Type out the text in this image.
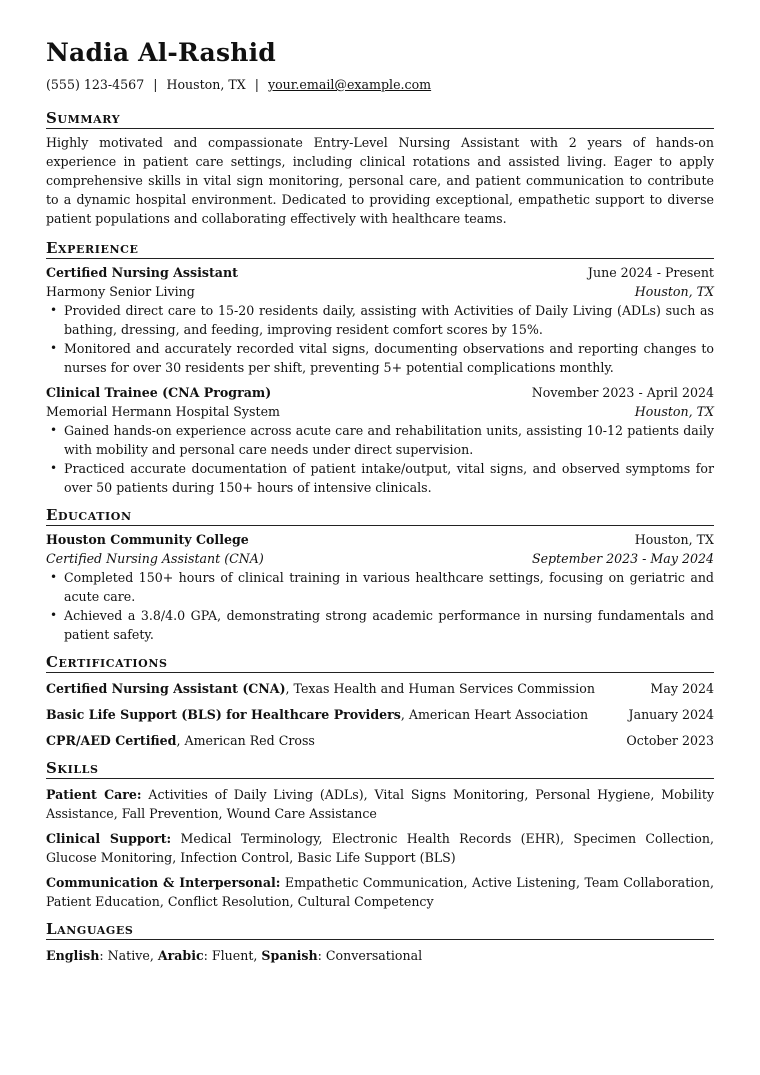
Nadia Al-Rashid
(555) 123-4567 | Houston, TX | your.email@example.com
Summary

Highly motivated and compassionate Entry-Level Nursing Assistant with 2 years of hands-on experience in patient care settings, including clinical rotations and assisted living. Eager to apply comprehensive skills in vital sign monitoring, personal care, and patient communication to contribute to a dynamic hospital environment. Dedicated to providing exceptional, empathetic support to diverse patient populations and collaborating effectively with healthcare teams.

Experience
Certified Nursing Assistant	June 2024 - Present
Harmony Senior Living	Houston, TX
• Provided direct care to 15-20 residents daily, assisting with Activities of Daily Living (ADLs) such as bathing, dressing, and feeding, improving resident comfort scores by 15%.
• Monitored and accurately recorded vital signs, documenting observations and reporting changes to nurses for over 30 residents per shift, preventing 5+ potential complications monthly.
Clinical Trainee (CNA Program)	November 2023 - April 2024
Memorial Hermann Hospital System	Houston, TX
• Gained hands-on experience across acute care and rehabilitation units, assisting 10-12 patients daily with mobility and personal care needs under direct supervision.
• Practiced accurate documentation of patient intake/output, vital signs, and observed symptoms for over 50 patients during 150+ hours of intensive clinicals.
Education
Houston Community College	Houston, TX
Certified Nursing Assistant (CNA)	September 2023 - May 2024
• Completed 150+ hours of clinical training in various healthcare settings, focusing on geriatric and acute care.
• Achieved a 3.8/4.0 GPA, demonstrating strong academic performance in nursing fundamentals and patient safety.
Certifications
Certified Nursing Assistant (CNA), Texas Health and Human Services Commission	May 2024
Basic Life Support (BLS) for Healthcare Providers, American Heart Association	January 2024
CPR/AED Certified, American Red Cross	October 2023
Skills

Patient Care: Activities of Daily Living (ADLs), Vital Signs Monitoring, Personal Hygiene, Mobility Assistance, Fall Prevention, Wound Care Assistance

Clinical Support: Medical Terminology, Electronic Health Records (EHR), Specimen Collection, Glucose Monitoring, Infection Control, Basic Life Support (BLS)

Communication & Interpersonal: Empathetic Communication, Active Listening, Team Collaboration, Patient Education, Conflict Resolution, Cultural Competency

Languages

English: Native, Arabic: Fluent, Spanish: Conversational
